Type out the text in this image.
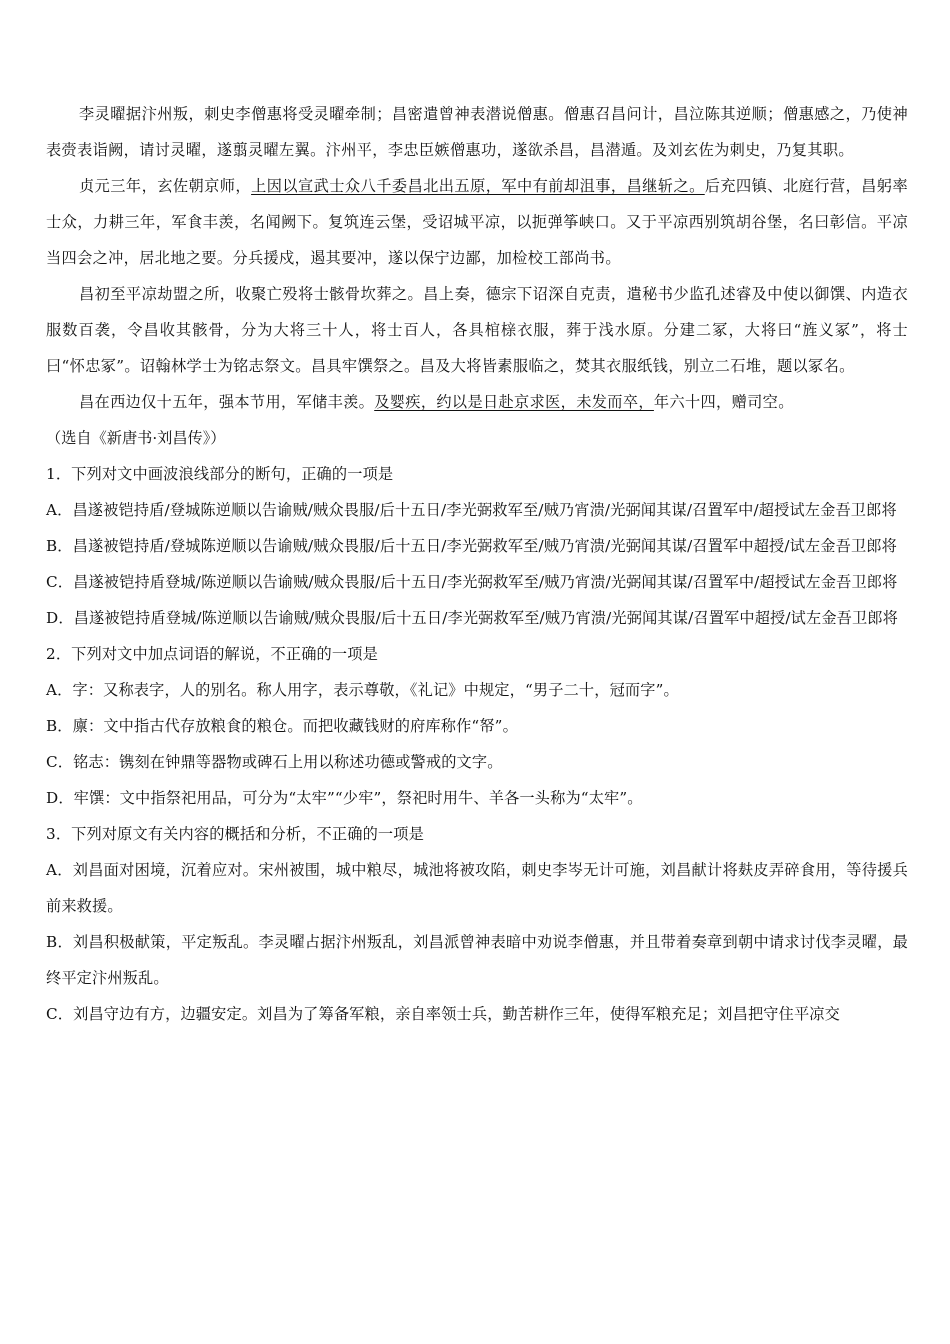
李灵曜据汴州叛，刺史李僧惠将受灵曜牵制；昌密遣曾神表潜说僧惠。僧惠召昌问计，昌泣陈其逆顺；僧惠感之，乃使神表赍表诣阙，请讨灵曜，遂翦灵曜左翼。汴州平，李忠臣嫉僧惠功，遂欲杀昌，昌潜遁。及刘玄佐为刺史，乃复其职。

贞元三年，玄佐朝京师，上因以宣武士众八千委昌北出五原，军中有前却沮事，昌继斩之。后充四镇、北庭行营，昌躬率士众，力耕三年，军食丰羡，名闻阙下。复筑连云堡，受诏城平凉，以扼弹筝峡口。又于平凉西别筑胡谷堡，名曰彰信。平凉当四会之冲，居北地之要。分兵援戍，遏其要冲，遂以保宁边鄙，加检校工部尚书。

昌初至平凉劫盟之所，收聚亡殁将士骸骨坎葬之。昌上奏，德宗下诏深自克责，遣秘书少监孔述睿及中使以御馔、内造衣服数百袭，令昌收其骸骨，分为大将三十人，将士百人，各具棺榇衣服，葬于浅水原。分建二冢，大将曰“旌义冢”，将士曰“怀忠冢”。诏翰林学士为铭志祭文。昌具牢馔祭之。昌及大将皆素服临之，焚其衣服纸钱，别立二石堆，题以冢名。

昌在西边仅十五年，强本节用，军储丰羡。及婴疾，约以是日赴京求医，未发而卒，年六十四，赠司空。

（选自《新唐书·刘昌传》）

1．下列对文中画波浪线部分的断句，正确的一项是

A．昌遂被铠持盾/登城陈逆顺以告谕贼/贼众畏服/后十五日/李光弼救军至/贼乃宵溃/光弼闻其谋/召置军中/超授试左金吾卫郎将

B．昌遂被铠持盾/登城陈逆顺以告谕贼/贼众畏服/后十五日/李光弼救军至/贼乃宵溃/光弼闻其谋/召置军中超授/试左金吾卫郎将

C．昌遂被铠持盾登城/陈逆顺以告谕贼/贼众畏服/后十五日/李光弼救军至/贼乃宵溃/光弼闻其谋/召置军中/超授试左金吾卫郎将

D．昌遂被铠持盾登城/陈逆顺以告谕贼/贼众畏服/后十五日/李光弼救军至/贼乃宵溃/光弼闻其谋/召置军中超授/试左金吾卫郎将

2．下列对文中加点词语的解说，不正确的一项是

A．字：又称表字，人的别名。称人用字，表示尊敬，《礼记》中规定，“男子二十，冠而字”。

B．廪：文中指古代存放粮食的粮仓。而把收藏钱财的府库称作“帑”。

C．铭志：镌刻在钟鼎等器物或碑石上用以称述功德或警戒的文字。

D．牢馔：文中指祭祀用品，可分为“太牢”“少牢”，祭祀时用牛、羊各一头称为“太牢”。

3．下列对原文有关内容的概括和分析，不正确的一项是

A．刘昌面对困境，沉着应对。宋州被围，城中粮尽，城池将被攻陷，刺史李岑无计可施，刘昌献计将麸皮弄碎食用，等待援兵前来救援。

B．刘昌积极献策，平定叛乱。李灵曜占据汴州叛乱，刘昌派曾神表暗中劝说李僧惠，并且带着奏章到朝中请求讨伐李灵曜，最终平定汴州叛乱。

C．刘昌守边有方，边疆安定。刘昌为了筹备军粮，亲自率领士兵，勤苦耕作三年，使得军粮充足；刘昌把守住平凉交
